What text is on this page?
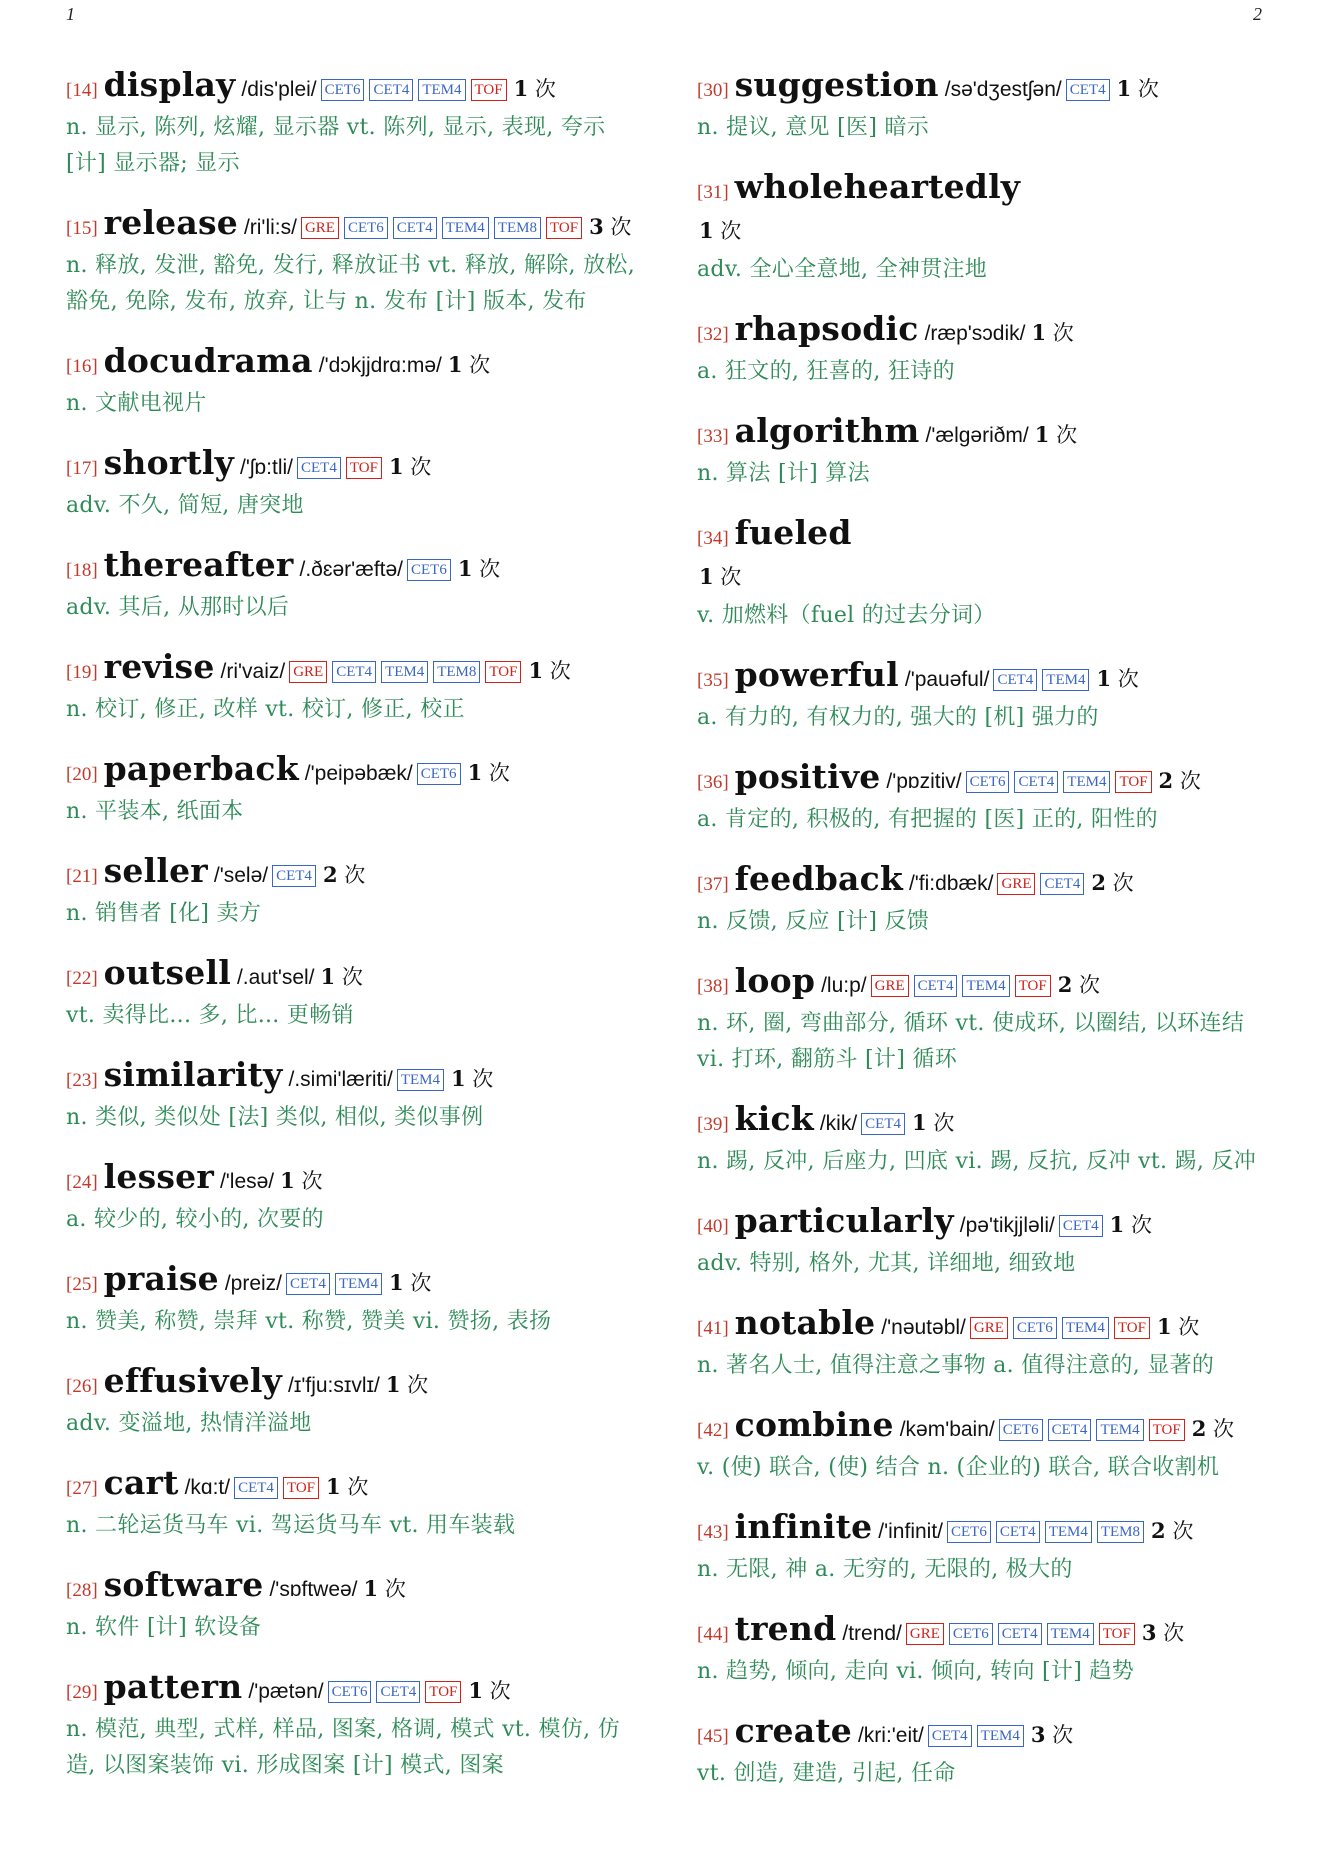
1	2
[14] display /dis'plei/ CET6 CET4 TEM4 TOF 1 次
n. 显示, 陈列, 炫耀, 显示器 vt. 陈列, 显示, 表现, 夸示 [计] 显示器; 显示
[15] release /ri'li:s/ GRE CET6 CET4 TEM4 TEM8 TOF 3 次
n. 释放, 发泄, 豁免, 发行, 释放证书 vt. 释放, 解除, 放松, 豁免, 免除, 发布, 放弃, 让与 n. 发布 [计] 版本, 发布
[16] docudrama /'dɔkjjdrɑ:mə/ 1 次
n. 文献电视片
[17] shortly /'ʃɒ:tli/ CET4 TOF 1 次
adv. 不久, 简短, 唐突地
[18] thereafter /.ðɛər'æftə/ CET6 1 次
adv. 其后, 从那时以后
[19] revise /ri'vaiz/ GRE CET4 TEM4 TEM8 TOF 1 次
n. 校订, 修正, 改样 vt. 校订, 修正, 校正
[20] paperback /'peipəbæk/ CET6 1 次
n. 平装本, 纸面本
[21] seller /'selə/ CET4 2 次
n. 销售者 [化] 卖方
[22] outsell /.aut'sel/ 1 次
vt. 卖得比... 多, 比... 更畅销
[23] similarity /.simi'læriti/ TEM4 1 次
n. 类似, 类似处 [法] 类似, 相似, 类似事例
[24] lesser /'lesə/ 1 次
a. 较少的, 较小的, 次要的
[25] praise /preiz/ CET4 TEM4 1 次
n. 赞美, 称赞, 崇拜 vt. 称赞, 赞美 vi. 赞扬, 表扬
[26] effusively /ɪ'fju:sɪvlɪ/ 1 次
adv. 变溢地, 热情洋溢地
[27] cart /kɑ:t/ CET4 TOF 1 次
n. 二轮运货马车 vi. 驾运货马车 vt. 用车装载
[28] software /'sɒftweə/ 1 次
n. 软件 [计] 软设备
[29] pattern /'pætən/ CET6 CET4 TOF 1 次
n. 模范, 典型, 式样, 样品, 图案, 格调, 模式 vt. 模仿, 仿造, 以图案装饰 vi. 形成图案 [计] 模式, 图案
[30] suggestion /sə'dʒestʃən/ CET4 1 次
n. 提议, 意见 [医] 暗示
[31] wholeheartedly
1 次
adv. 全心全意地, 全神贯注地
[32] rhapsodic /ræp'sɔdik/ 1 次
a. 狂文的, 狂喜的, 狂诗的
[33] algorithm /'ælgəriðm/ 1 次
n. 算法 [计] 算法
[34] fueled
1 次
v. 加燃料（fuel 的过去分词）
[35] powerful /'pauəful/ CET4 TEM4 1 次
a. 有力的, 有权力的, 强大的 [机] 强力的
[36] positive /'pɒzitiv/ CET6 CET4 TEM4 TOF 2 次
a. 肯定的, 积极的, 有把握的 [医] 正的, 阳性的
[37] feedback /'fi:dbæk/ GRE CET4 2 次
n. 反馈, 反应 [计] 反馈
[38] loop /lu:p/ GRE CET4 TEM4 TOF 2 次
n. 环, 圈, 弯曲部分, 循环 vt. 使成环, 以圈结, 以环连结 vi. 打环, 翻筋斗 [计] 循环
[39] kick /kik/ CET4 1 次
n. 踢, 反冲, 后座力, 凹底 vi. 踢, 反抗, 反冲 vt. 踢, 反冲
[40] particularly /pə'tikjjləli/ CET4 1 次
adv. 特别, 格外, 尤其, 详细地, 细致地
[41] notable /'nəutəbl/ GRE CET6 TEM4 TOF 1 次
n. 著名人士, 值得注意之事物 a. 值得注意的, 显著的
[42] combine /kəm'bain/ CET6 CET4 TEM4 TOF 2 次
v. (使) 联合, (使) 结合 n. (企业的) 联合, 联合收割机
[43] infinite /'infinit/ CET6 CET4 TEM4 TEM8 2 次
n. 无限, 神 a. 无穷的, 无限的, 极大的
[44] trend /trend/ GRE CET6 CET4 TEM4 TOF 3 次
n. 趋势, 倾向, 走向 vi. 倾向, 转向 [计] 趋势
[45] create /kri:'eit/ CET4 TEM4 3 次
vt. 创造, 建造, 引起, 任命
